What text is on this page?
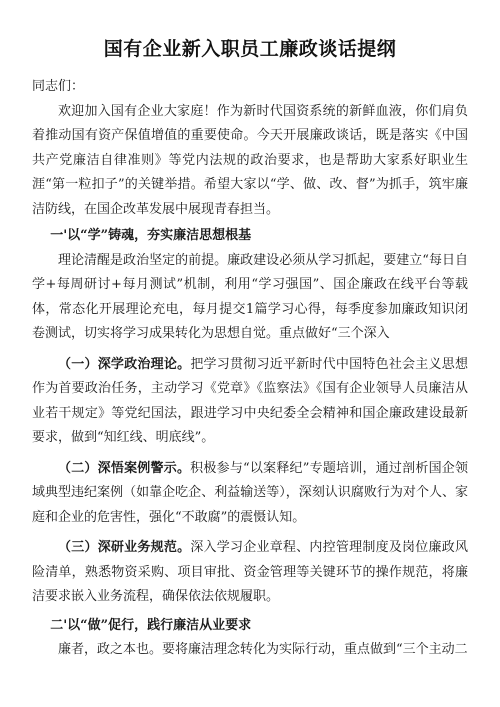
国有企业新入职员工廉政谈话提纲

同志们：

欢迎加入国有企业大家庭！作为新时代国资系统的新鲜血液，你们肩负着推动国有资产保值增值的重要使命。今天开展廉政谈话，既是落实《中国共产党廉洁自律准则》等党内法规的政治要求，也是帮助大家系好职业生涯“第一粒扣子”的关键举措。希望大家以“学、做、改、督”为抓手，筑牢廉洁防线，在国企改革发展中展现青春担当。

一'以“学”铸魂，夯实廉洁思想根基

理论清醒是政治坚定的前提。廉政建设必须从学习抓起，要建立“每日自学+每周研讨+每月测试”机制，利用“学习强国”、国企廉政在线平台等载体，常态化开展理论充电，每月提交1篇学习心得，每季度参加廉政知识闭卷测试，切实将学习成果转化为思想自觉。重点做好“三个深入

（一）深学政治理论。把学习贯彻习近平新时代中国特色社会主义思想作为首要政治任务，主动学习《党章》《监察法》《国有企业领导人员廉洁从业若干规定》等党纪国法，跟进学习中央纪委全会精神和国企廉政建设最新要求，做到“知红线、明底线”。

（二）深悟案例警示。积极参与“以案释纪”专题培训，通过剖析国企领域典型违纪案例（如靠企吃企、利益输送等），深刻认识腐败行为对个人、家庭和企业的危害性，强化“不敢腐”的震慑认知。

（三）深研业务规范。深入学习企业章程、内控管理制度及岗位廉政风险清单，熟悉物资采购、项目审批、资金管理等关键环节的操作规范，将廉洁要求嵌入业务流程，确保依法依规履职。

二'以“做”促行，践行廉洁从业要求

廉者，政之本也。要将廉洁理念转化为实际行动，重点做到“三个主动二
